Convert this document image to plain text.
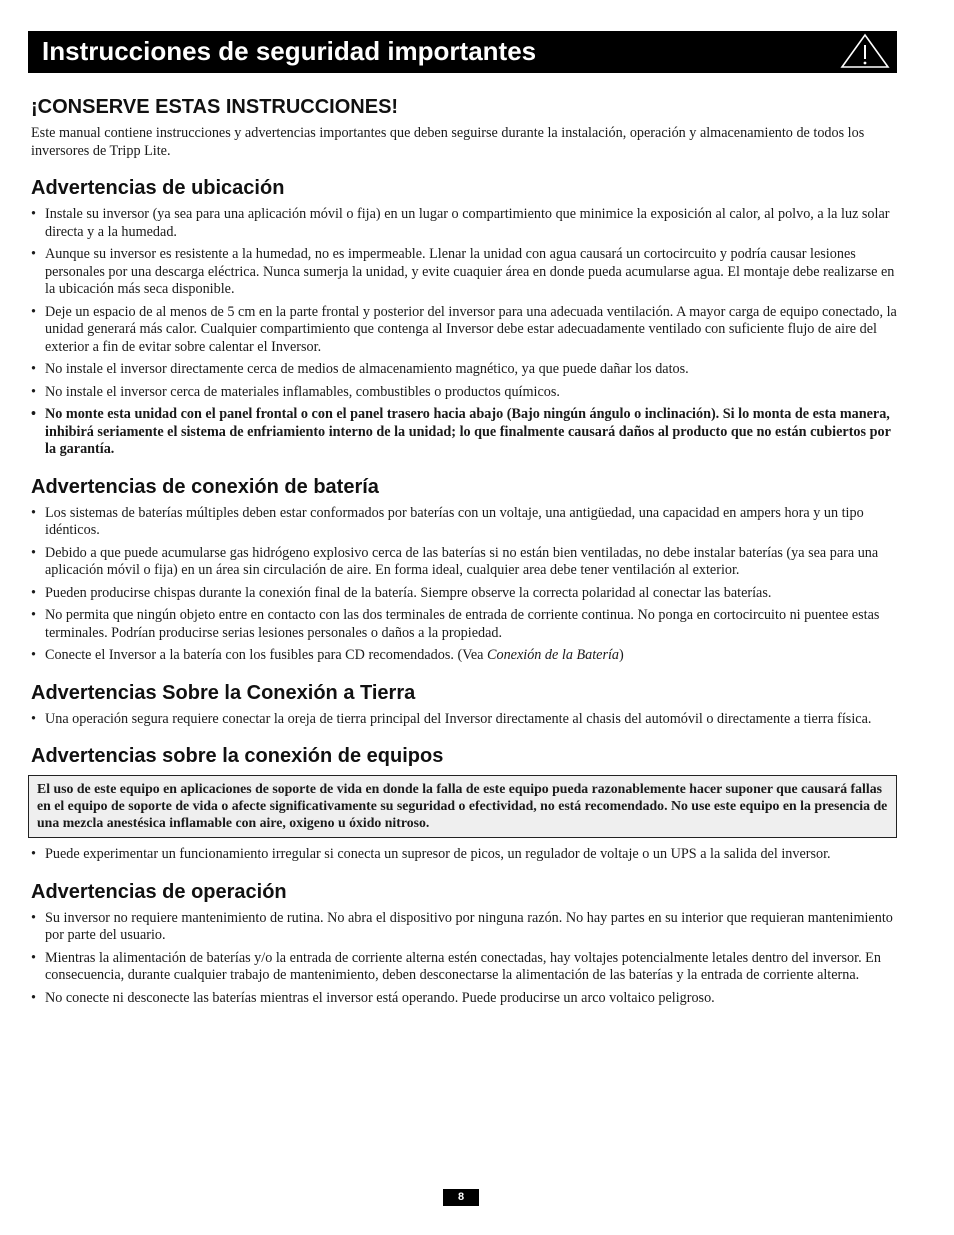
Instrucciones de seguridad importantes
¡CONSERVE ESTAS INSTRUCCIONES!

Este manual contiene instrucciones y advertencias importantes que deben seguirse durante la instalación, operación y almacenamiento de todos los inversores de Tripp Lite.

Advertencias de ubicación
• Instale su inversor (ya sea para una aplicación móvil o fija) en un lugar o compartimiento que minimice la exposición al calor, al polvo, a la luz solar directa y a la humedad.
• Aunque su inversor es resistente a la humedad, no es impermeable. Llenar la unidad con agua causará un cortocircuito y podría causar lesiones personales por una descarga eléctrica. Nunca sumerja la unidad, y evite cuaquier área en donde pueda acumularse agua. El montaje debe realizarse en la ubicación más seca disponible.
• Deje un espacio de al menos de 5 cm en la parte frontal y posterior del inversor para una adecuada ventilación. A mayor carga de equipo conectado, la unidad generará más calor. Cualquier compartimiento que contenga al Inversor debe estar adecuadamente ventilado con suficiente flujo de aire del exterior a fin de evitar sobre calentar el Inversor.
• No instale el inversor directamente cerca de medios de almacenamiento magnético, ya que puede dañar los datos.
• No instale el inversor cerca de materiales inflamables, combustibles o productos químicos.
• No monte esta unidad con el panel frontal o con el panel trasero hacia abajo (Bajo ningún ángulo o inclinación). Si lo monta de esta manera, inhibirá seriamente el sistema de enfriamiento interno de la unidad; lo que finalmente causará daños al producto que no están cubiertos por la garantía.
Advertencias de conexión de batería
• Los sistemas de baterías múltiples deben estar conformados por baterías con un voltaje, una antigüedad, una capacidad en ampers hora y un tipo idénticos.
• Debido a que puede acumularse gas hidrógeno explosivo cerca de las baterías si no están bien ventiladas, no debe instalar baterías (ya sea para una aplicación móvil o fija) en un área sin circulación de aire. En forma ideal, cualquier area debe tener ventilación al exterior.
• Pueden producirse chispas durante la conexión final de la batería. Siempre observe la correcta polaridad al conectar las baterías.
• No permita que ningún objeto entre en contacto con las dos terminales de entrada de corriente continua. No ponga en cortocircuito ni puentee estas terminales. Podrían producirse serias lesiones personales o daños a la propiedad.
• Conecte el Inversor a la batería con los fusibles para CD recomendados. (Vea Conexión de la Batería)
Advertencias Sobre la Conexión a Tierra
• Una operación segura requiere conectar la oreja de tierra principal del Inversor directamente al chasis del automóvil o directamente a tierra física.
Advertencias sobre la conexión de equipos
El uso de este equipo en aplicaciones de soporte de vida en donde la falla de este equipo pueda razonablemente hacer suponer que causará fallas en el equipo de soporte de vida o afecte significativamente su seguridad o efectividad, no está recomendado. No use este equipo en la presencia de una mezcla anestésica inflamable con aire, oxigeno u óxido nitroso.
• Puede experimentar un funcionamiento irregular si conecta un supresor de picos, un regulador de voltaje o un UPS a la salida del inversor.
Advertencias de operación
• Su inversor no requiere mantenimiento de rutina. No abra el dispositivo por ninguna razón. No hay partes en su interior que requieran mantenimiento por parte del usuario.
• Mientras la alimentación de baterías y/o la entrada de corriente alterna estén conectadas, hay voltajes potencialmente letales dentro del inversor. En consecuencia, durante cualquier trabajo de mantenimiento, deben desconectarse la alimentación de las baterías y la entrada de corriente alterna.
• No conecte ni desconecte las baterías mientras el inversor está operando. Puede producirse un arco voltaico peligroso.
8
